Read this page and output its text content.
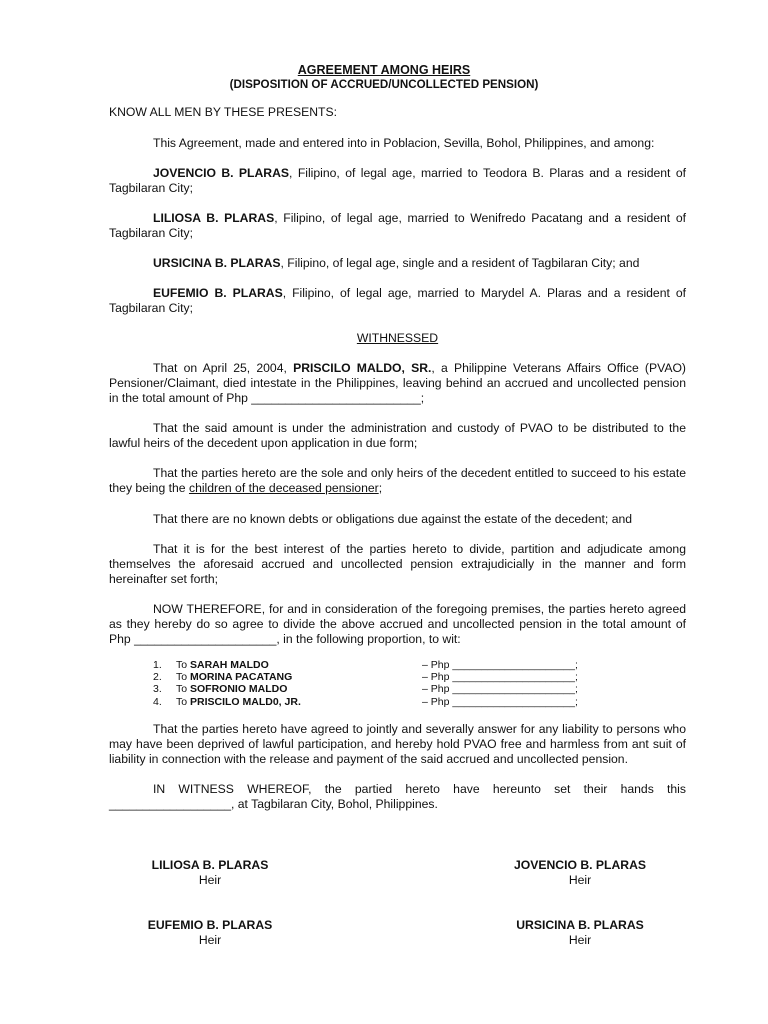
AGREEMENT AMONG HEIRS
(DISPOSITION OF ACCRUED/UNCOLLECTED PENSION)
KNOW ALL MEN BY THESE PRESENTS:
This Agreement, made and entered into in Poblacion, Sevilla, Bohol, Philippines, and among:
JOVENCIO B. PLARAS, Filipino, of legal age, married to Teodora B. Plaras and a resident of Tagbilaran City;
LILIOSA B. PLARAS, Filipino, of legal age, married to Wenifredo Pacatang and a resident of Tagbilaran City;
URSICINA B. PLARAS, Filipino, of legal age, single and a resident of Tagbilaran City; and
EUFEMIO B. PLARAS, Filipino, of legal age, married to Marydel A. Plaras and a resident of Tagbilaran City;
WITHNESSED
That on April 25, 2004, PRISCILO MALDO, SR., a Philippine Veterans Affairs Office (PVAO) Pensioner/Claimant, died intestate in the Philippines, leaving behind an accrued and uncollected pension in the total amount of Php _________________________;
That the said amount is under the administration and custody of PVAO to be distributed to the lawful heirs of the decedent upon application in due form;
That the parties hereto are the sole and only heirs of the decedent entitled to succeed to his estate they being the children of the deceased pensioner;
That there are no known debts or obligations due against the estate of the decedent; and
That it is for the best interest of the parties hereto to divide, partition and adjudicate among themselves the aforesaid accrued and uncollected pension extrajudicially in the manner and form hereinafter set forth;
NOW THEREFORE, for and in consideration of the foregoing premises, the parties hereto agreed as they hereby do so agree to divide the above accrued and uncollected pension in the total amount of Php _____________________, in the following proportion, to wit:
1. To SARAH MALDO	– Php _____________________;
2. To MORINA PACATANG	– Php _____________________;
3. To SOFRONIO MALDO	– Php _____________________;
4. To PRISCILO MALD0, JR.	– Php _____________________;
That the parties hereto have agreed to jointly and severally answer for any liability to persons who may have been deprived of lawful participation, and hereby hold PVAO free and harmless from ant suit of liability in connection with the release and payment of the said accrued and uncollected pension.
IN WITNESS WHEREOF, the partied hereto have hereunto set their hands this __________________, at Tagbilaran City, Bohol, Philippines.
LILIOSA B. PLARAS
Heir
JOVENCIO B. PLARAS
Heir
EUFEMIO B. PLARAS
Heir
URSICINA B. PLARAS
Heir
